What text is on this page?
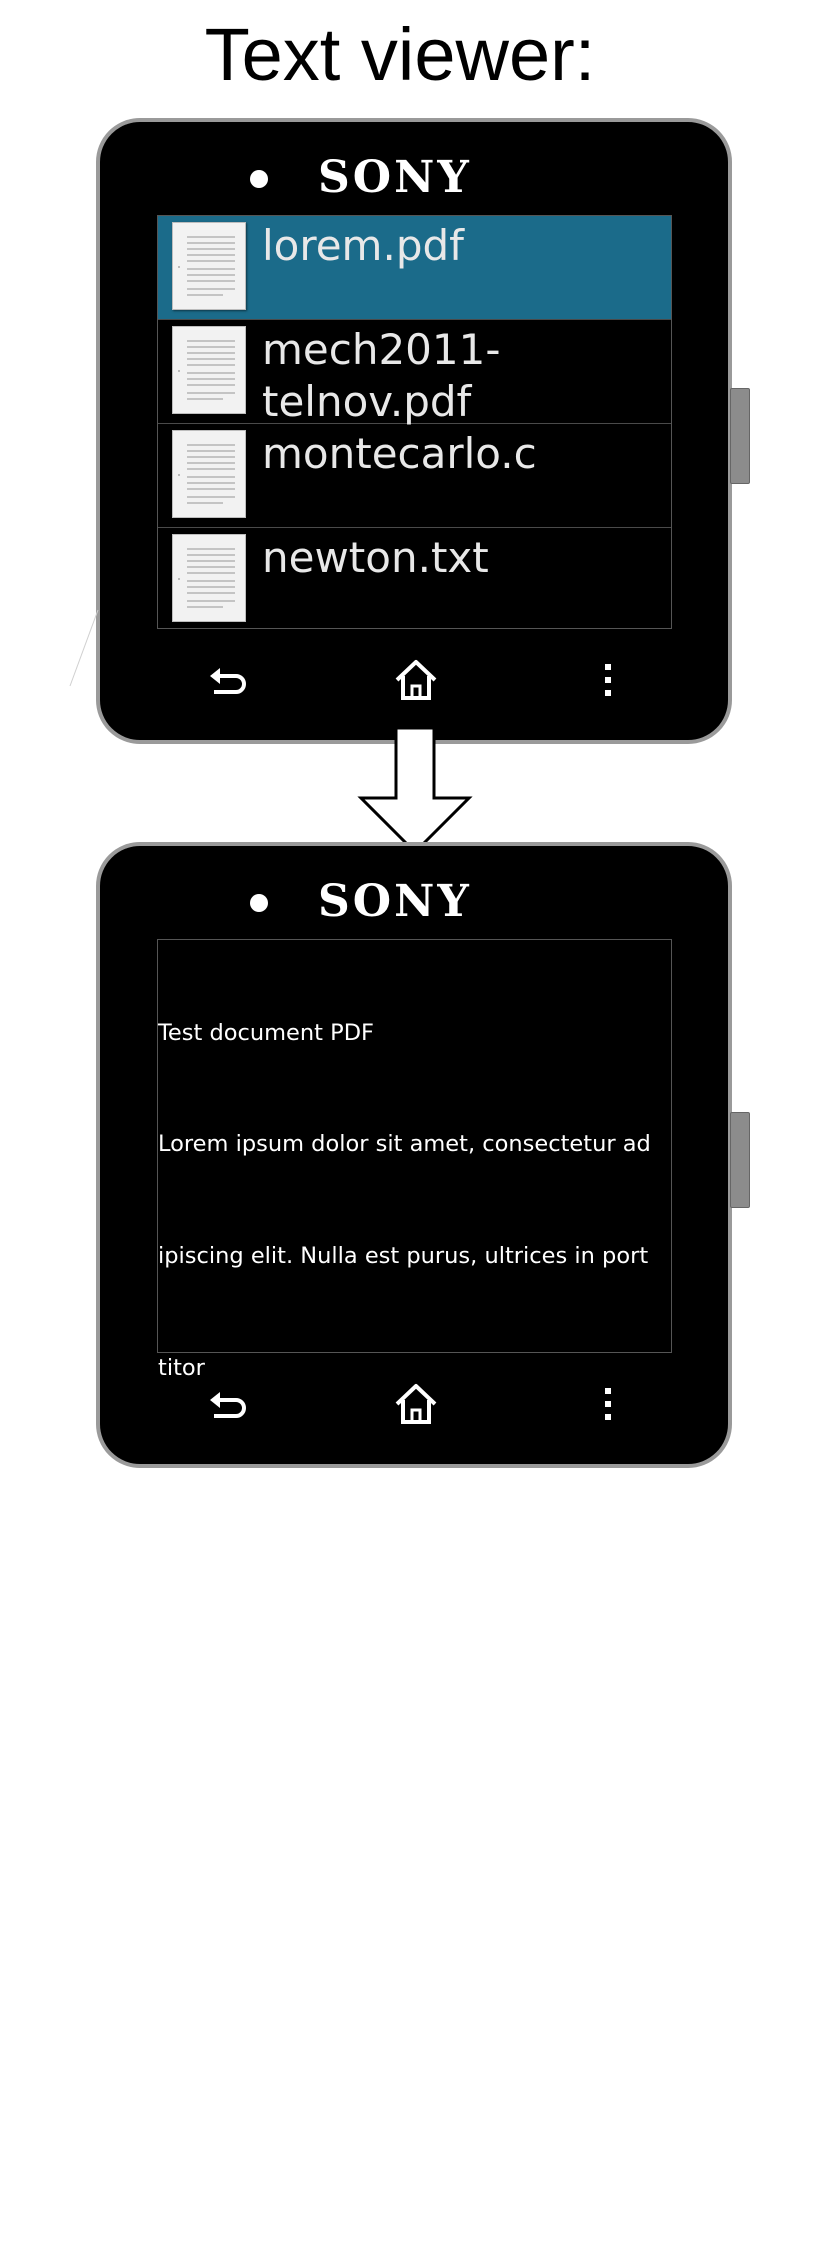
Text viewer:
SONY
lorem.pdf
mech2011-telnov.pdf
montecarlo.c
newton.txt
SONY

Test document PDF

Lorem ipsum dolor sit amet, consectetur ad

ipiscing elit. Nulla est purus, ultrices in port

titor

in, accumsan non quam. Nam consectetur p

orttitor rhoncus. Curabitur eu est et leo feug

iat

auctor vel quis lorem. Ut et ligula dolor, sit

amet consequat lorem. Aliquam porta eros

sed

velit imperdiet egestas. Maecenas tempus
